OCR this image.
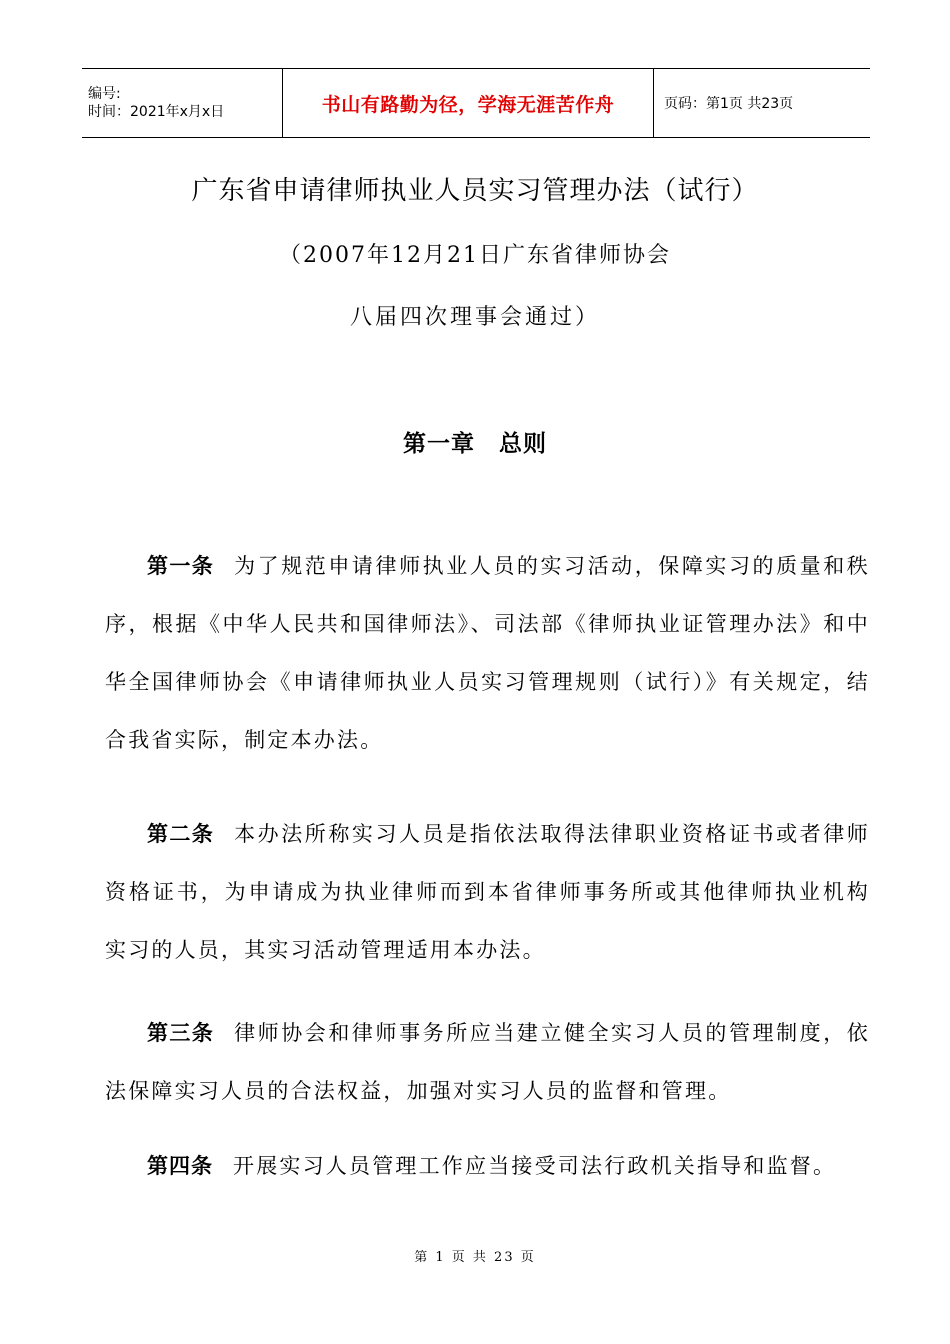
编号:
时间：2021年x月x日	书山有路勤为径，学海无涯苦作舟	页码：第1页 共23页
广东省申请律师执业人员实习管理办法（试行）
（2007年12月21日广东省律师协会
八届四次理事会通过）
第一章　总则

第一条 为了规范申请律师执业人员的实习活动，保障实习的质量和秩序，根据《中华人民共和国律师法》、司法部《律师执业证管理办法》和中华全国律师协会《申请律师执业人员实习管理规则（试行）》有关规定，结合我省实际，制定本办法。

第二条 本办法所称实习人员是指依法取得法律职业资格证书或者律师资格证书，为申请成为执业律师而到本省律师事务所或其他律师执业机构实习的人员，其实习活动管理适用本办法。

第三条 律师协会和律师事务所应当建立健全实习人员的管理制度，依法保障实习人员的合法权益，加强对实习人员的监督和管理。

第四条 开展实习人员管理工作应当接受司法行政机关指导和监督。

第 1 页 共 23 页
